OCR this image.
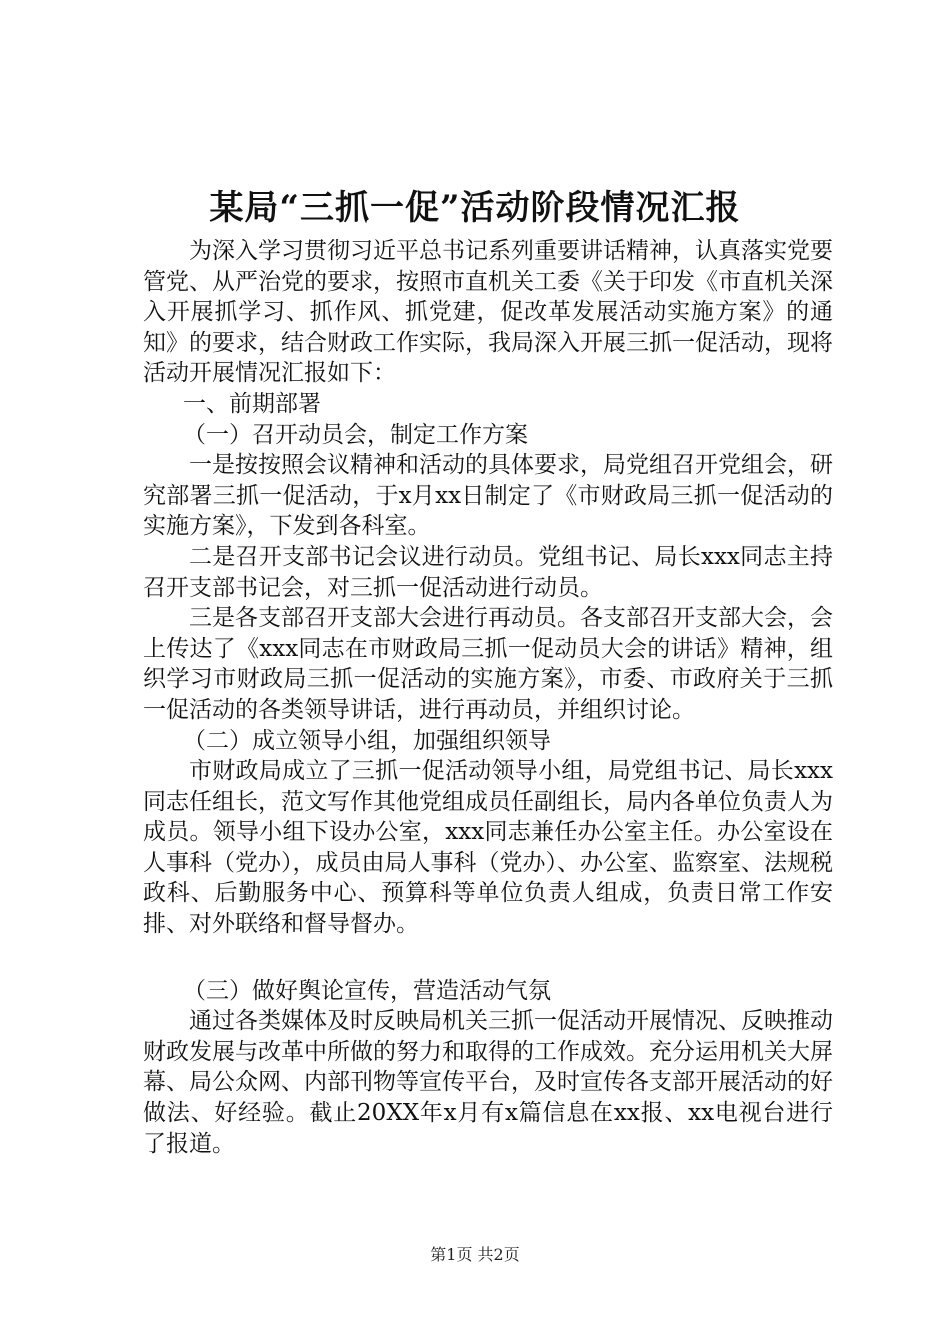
某局“三抓一促”活动阶段情况汇报

为深入学习贯彻习近平总书记系列重要讲话精神，认真落实党要管党、从严治党的要求，按照市直机关工委《关于印发《市直机关深入开展抓学习、抓作风、抓党建，促改革发展活动实施方案》的通知》的要求，结合财政工作实际，我局深入开展三抓一促活动，现将活动开展情况汇报如下：

一、前期部署

（一）召开动员会，制定工作方案

一是按按照会议精神和活动的具体要求，局党组召开党组会，研究部署三抓一促活动，于x月xx日制定了《市财政局三抓一促活动的实施方案》，下发到各科室。

二是召开支部书记会议进行动员。党组书记、局长xxx同志主持召开支部书记会，对三抓一促活动进行动员。

三是各支部召开支部大会进行再动员。各支部召开支部大会，会上传达了《xxx同志在市财政局三抓一促动员大会的讲话》精神，组织学习市财政局三抓一促活动的实施方案》，市委、市政府关于三抓一促活动的各类领导讲话，进行再动员，并组织讨论。

（二）成立领导小组，加强组织领导

市财政局成立了三抓一促活动领导小组，局党组书记、局长xxx同志任组长，范文写作其他党组成员任副组长，局内各单位负责人为成员。领导小组下设办公室，xxx同志兼任办公室主任。办公室设在人事科（党办），成员由局人事科（党办）、办公室、监察室、法规税政科、后勤服务中心、预算科等单位负责人组成，负责日常工作安排、对外联络和督导督办。

（三）做好舆论宣传，营造活动气氛

通过各类媒体及时反映局机关三抓一促活动开展情况、反映推动财政发展与改革中所做的努力和取得的工作成效。充分运用机关大屏幕、局公众网、内部刊物等宣传平台，及时宣传各支部开展活动的好做法、好经验。截止20XX年x月有x篇信息在xx报、xx电视台进行了报道。

第1页 共2页
